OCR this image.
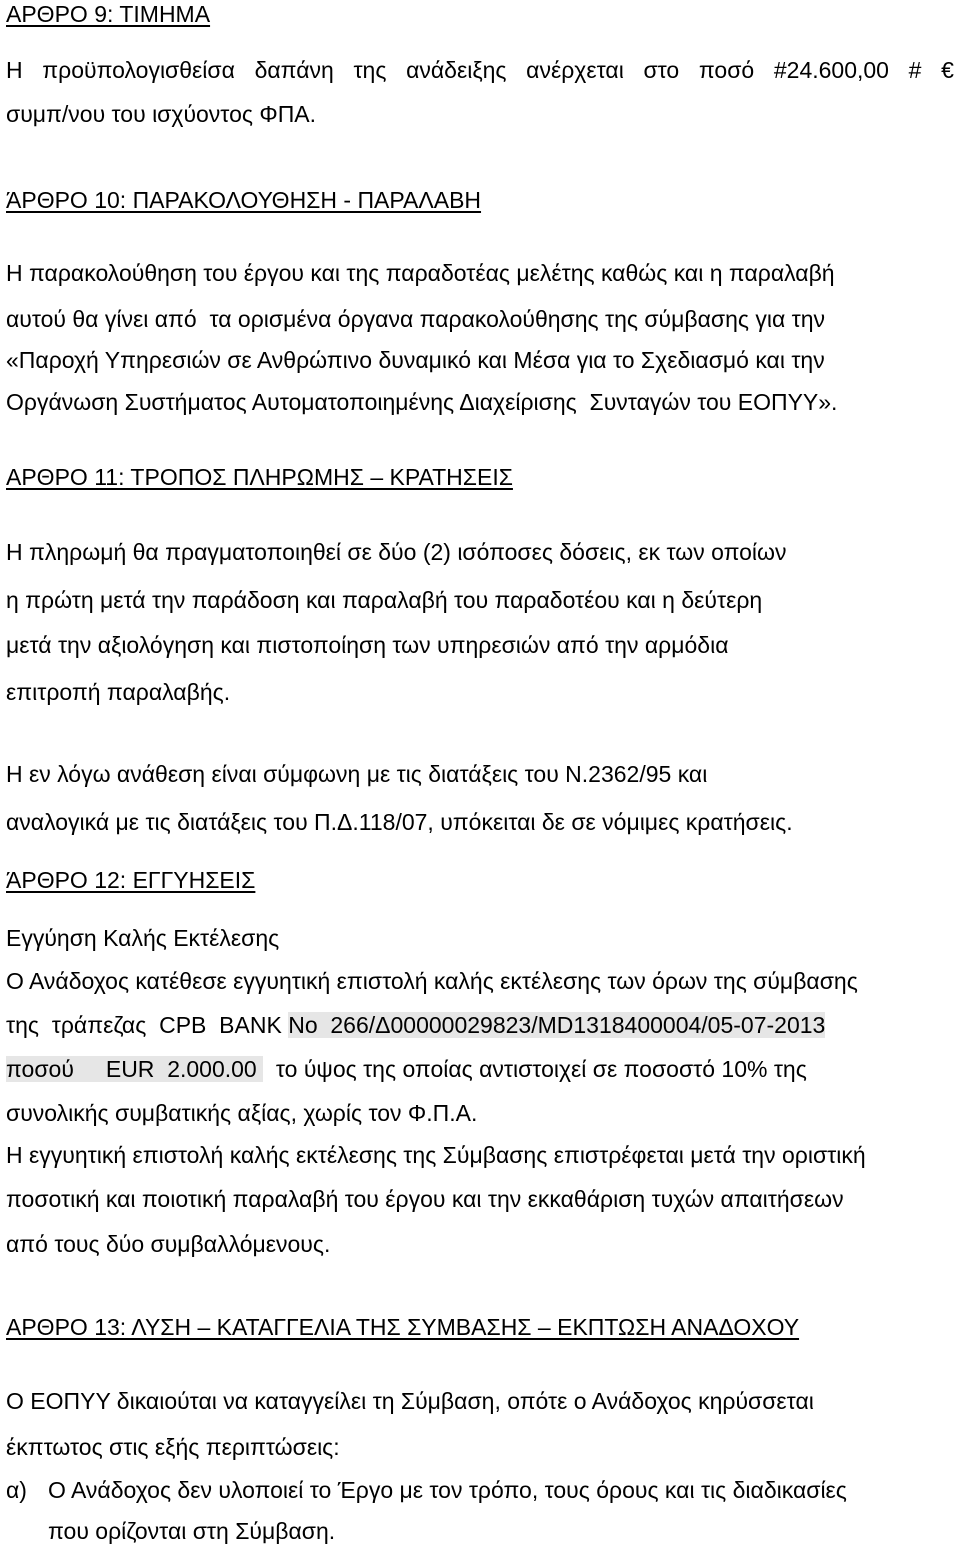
ΑΡΘΡΟ 9: ΤΙΜΗΜΑ
Η προϋπολογισθείσα δαπάνη της ανάδειξης ανέρχεται στο ποσό #24.600,00 # €
συμπ/νου του ισχύοντος ΦΠΑ.
ΆΡΘΡΟ 10: ΠΑΡΑΚΟΛΟΥΘΗΣΗ - ΠΑΡΑΛΑΒΗ
Η παρακολούθηση του έργου και της παραδοτέας μελέτης καθώς και η παραλαβή
αυτού θα γίνει από  τα ορισμένα όργανα παρακολούθησης της σύμβασης για την
«Παροχή Υπηρεσιών σε Ανθρώπινο δυναμικό και Μέσα για το Σχεδιασμό και την
Οργάνωση Συστήματος Αυτοματοποιημένης Διαχείρισης  Συνταγών του ΕΟΠΥΥ».
ΑΡΘΡΟ 11: ΤΡΟΠΟΣ ΠΛΗΡΩΜΗΣ – ΚΡΑΤΗΣΕΙΣ
Η πληρωμή θα πραγματοποιηθεί σε δύο (2) ισόποσες δόσεις, εκ των οποίων
η πρώτη μετά την παράδοση και παραλαβή του παραδοτέου και η δεύτερη
μετά την αξιολόγηση και πιστοποίηση των υπηρεσιών από την αρμόδια
επιτροπή παραλαβής.
Η εν λόγω ανάθεση είναι σύμφωνη με τις διατάξεις του Ν.2362/95 και
αναλογικά με τις διατάξεις του Π.Δ.118/07, υπόκειται δε σε νόμιμες κρατήσεις.
ΆΡΘΡΟ 12: ΕΓΓΥΗΣΕΙΣ
Εγγύηση Καλής Εκτέλεσης
Ο Ανάδοχος κατέθεσε εγγυητική επιστολή καλής εκτέλεσης των όρων της σύμβασης
της  τράπεζας  CPB  BANK No  266/Δ00000029823/MD1318400004/05-07-2013
ποσού     EUR  2.000.00   το ύψος της οποίας αντιστοιχεί σε ποσοστό 10% της
συνολικής συμβατικής αξίας, χωρίς τον Φ.Π.Α.
Η εγγυητική επιστολή καλής εκτέλεσης της Σύμβασης επιστρέφεται μετά την οριστική
ποσοτική και ποιοτική παραλαβή του έργου και την εκκαθάριση τυχών απαιτήσεων
από τους δύο συμβαλλόμενους.
ΑΡΘΡΟ 13: ΛΥΣΗ – ΚΑΤΑΓΓΕΛΙΑ ΤΗΣ ΣΥΜΒΑΣΗΣ – ΕΚΠΤΩΣΗ ΑΝΑΔΟΧΟΥ
Ο ΕΟΠΥΥ δικαιούται να καταγγείλει τη Σύμβαση, οπότε ο Ανάδοχος κηρύσσεται
έκπτωτος στις εξής περιπτώσεις:
α) Ο Ανάδοχος δεν υλοποιεί το Έργο με τον τρόπο, τους όρους και τις διαδικασίες
που ορίζονται στη Σύμβαση.
